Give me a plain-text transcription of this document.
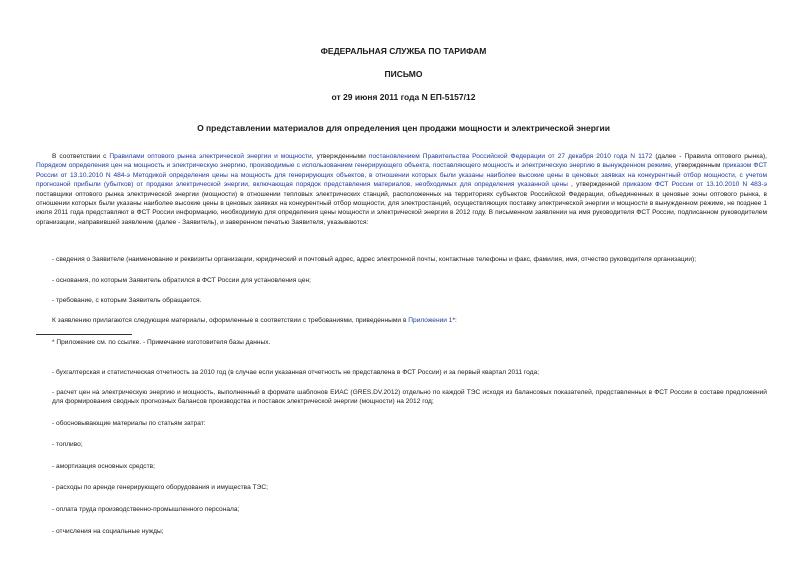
ФЕДЕРАЛЬНАЯ СЛУЖБА ПО ТАРИФАМ
ПИСЬМО
от 29 июня 2011 года N ЕП-5157/12
О представлении материалов для определения цен продажи мощности и электрической энергии
В соответствии с Правилами оптового рынка электрической энергии и мощности, утвержденными постановлением Правительства Российской Федерации от 27 декабря 2010 года N 1172 (далее - Правила оптового рынка), Порядком определения цен на мощность и электрическую энергию, производимые с использованием генерирующего объекта, поставляющего мощность и электрическую энергию в вынужденном режиме, утвержденным приказом ФСТ России от 13.10.2010 N 484-э Методикой определения цены на мощность для генерирующих объектов, в отношении которых были указаны наиболее высокие цены в ценовых заявках на конкурентный отбор мощности, с учетом прогнозной прибыли (убытков) от продажи электрической энергии, включающая порядок представления материалов, необходимых для определения указанной цены , утвержденной приказом ФСТ России от 13.10.2010 N 483-э поставщики оптового рынка электрической энергии (мощности) в отношении тепловых электрических станций, расположенных на территориях субъектов Российской Федерации, объединенных в ценовые зоны оптового рынка, в отношении которых были указаны наиболее высокие цены в ценовых заявках на конкурентный отбор мощности, для электростанций, осуществляющих поставку электрической энергии и мощности в вынужденном режиме, не позднее 1 июля 2011 года представляют в ФСТ России информацию, необходимую для определения цены мощности и электрической энергии в 2012 году. В письменном заявлении на имя руководителя ФСТ России, подписанном руководителем организации, направившей заявление (далее - Заявитель), и заверенном печатью Заявителя, указываются:
- сведения о Заявителе (наименование и реквизиты организации, юридический и почтовый адрес, адрес электронной почты, контактные телефоны и факс, фамилия, имя, отчество руководителя организации);
- основания, по которым Заявитель обратился в ФСТ России для установления цен;
- требование, с которым Заявитель обращается.
К заявлению прилагаются следующие материалы, оформленные в соответствии с требованиями, приведенными в Приложении 1*:
* Приложение см. по ссылке. - Примечание изготовителя базы данных.
- бухгалтерская и статистическая отчетность за 2010 год (в случае если указанная отчетность не представлена в ФСТ России) и за первый квартал 2011 года;
- расчет цен на электрическую энергию и мощность, выполненный в формате шаблонов ЕИАС (GRES.DV.2012) отдельно по каждой ТЭС исходя из балансовых показателей, представленных в ФСТ России в составе предложений для формирования сводных прогнозных балансов производства и поставок электрической энергии (мощности) на 2012 год;
- обосновывающие материалы по статьям затрат:
- топливо;
- амортизация основных средств;
- расходы по аренде генерирующего оборудования и имущества ТЭС;
- оплата труда производственно-промышленного персонала;
- отчисления на социальные нужды;
